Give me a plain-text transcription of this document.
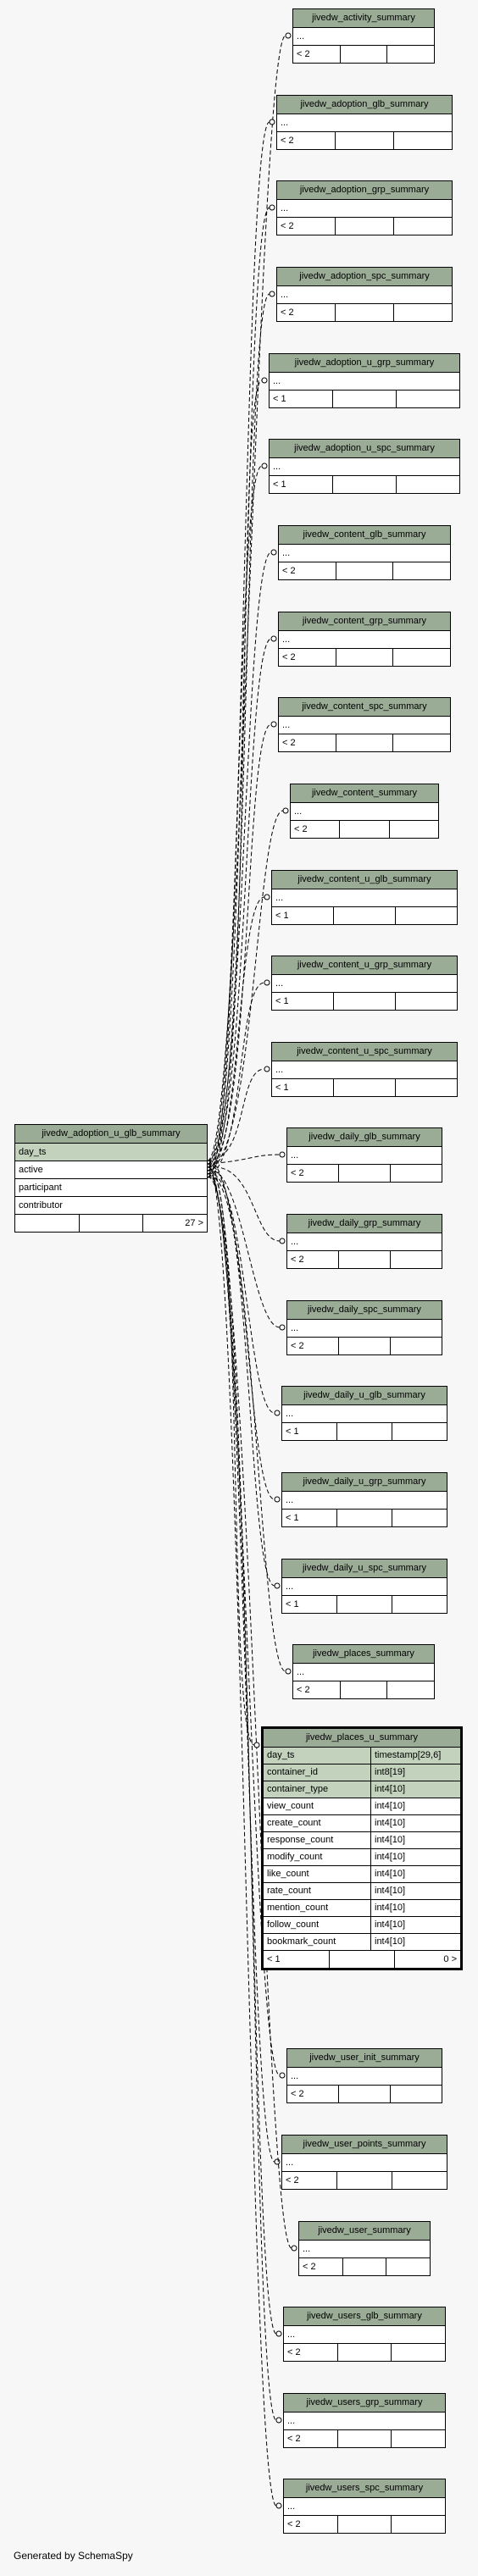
jivedw_adoption_u_glb_summary
day_ts
active
participant
contributor
27 >
jivedw_places_u_summary
day_ts	timestamp[29,6]
container_id	int8[19]
container_type	int4[10]
view_count	int4[10]
create_count	int4[10]
response_count	int4[10]
modify_count	int4[10]
like_count	int4[10]
rate_count	int4[10]
mention_count	int4[10]
follow_count	int4[10]
bookmark_count	int4[10]
< 1	0 >
jivedw_activity_summary
...
< 2
jivedw_adoption_glb_summary
...
< 2
jivedw_adoption_grp_summary
...
< 2
jivedw_adoption_spc_summary
...
< 2
jivedw_adoption_u_grp_summary
...
< 1
jivedw_adoption_u_spc_summary
...
< 1
jivedw_content_glb_summary
...
< 2
jivedw_content_grp_summary
...
< 2
jivedw_content_spc_summary
...
< 2
jivedw_content_summary
...
< 2
jivedw_content_u_glb_summary
...
< 1
jivedw_content_u_grp_summary
...
< 1
jivedw_content_u_spc_summary
...
< 1
jivedw_daily_glb_summary
...
< 2
jivedw_daily_grp_summary
...
< 2
jivedw_daily_spc_summary
...
< 2
jivedw_daily_u_glb_summary
...
< 1
jivedw_daily_u_grp_summary
...
< 1
jivedw_daily_u_spc_summary
...
< 1
jivedw_places_summary
...
< 2
jivedw_user_init_summary
...
< 2
jivedw_user_points_summary
...
< 2
jivedw_user_summary
...
< 2
jivedw_users_glb_summary
...
< 2
jivedw_users_grp_summary
...
< 2
jivedw_users_spc_summary
...
< 2
Generated by SchemaSpy
